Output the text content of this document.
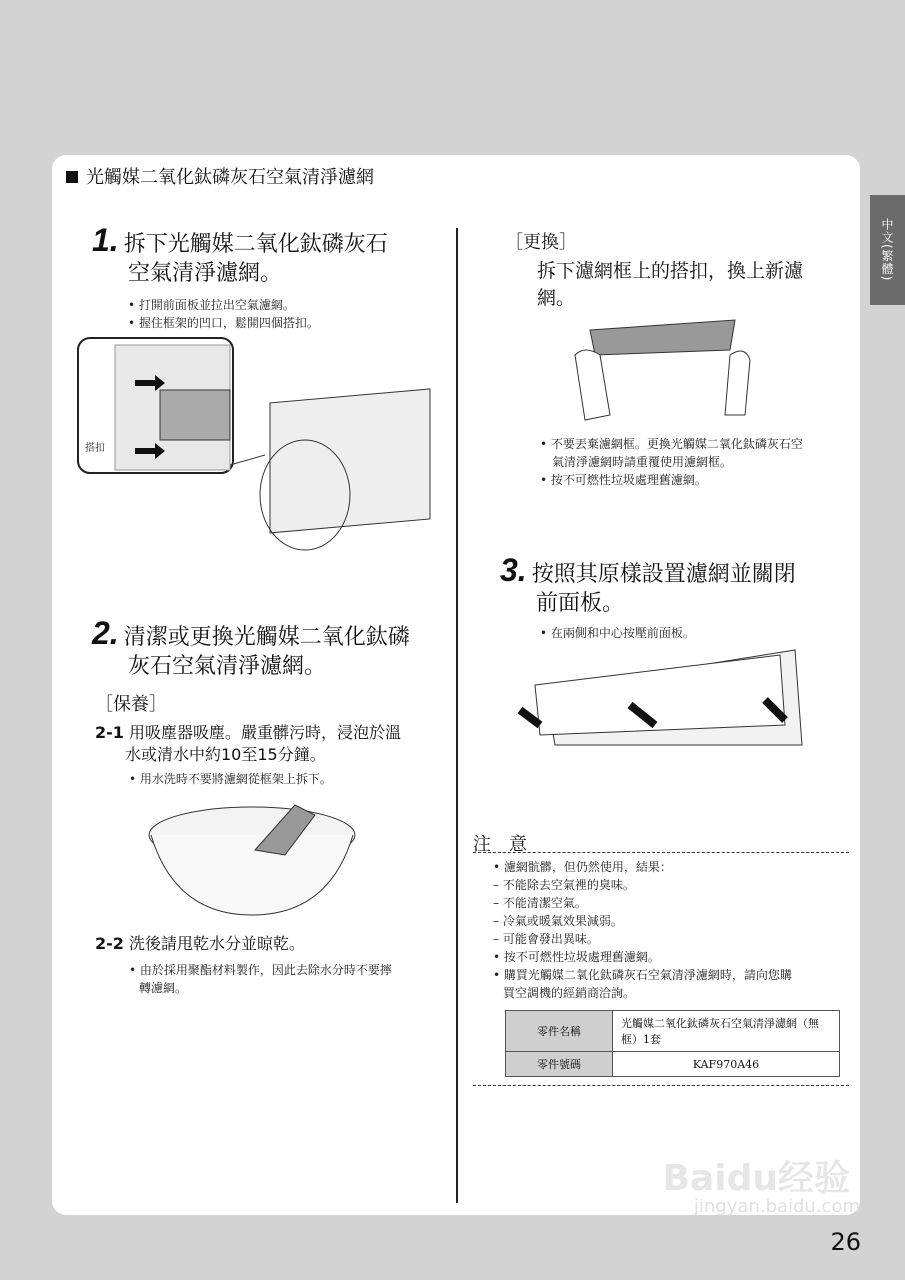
中文(繁體)
光觸媒二氧化鈦磷灰石空氣清淨濾網
1. 拆下光觸媒二氧化鈦磷灰石
空氣清淨濾網。
• 打開前面板並拉出空氣濾網。
• 握住框架的凹口，鬆開四個搭扣。
搭扣
2. 清潔或更換光觸媒二氧化鈦磷
灰石空氣清淨濾網。
［保養］
2-1 用吸塵器吸塵。嚴重髒污時，浸泡於溫
水或清水中約10至15分鐘。
• 用水洗時不要將濾網從框架上拆下。
2-2 洗後請甩乾水分並晾乾。
• 由於採用聚酯材料製作，因此去除水分時不要擰
轉濾網。
［更換］
拆下濾網框上的搭扣，換上新濾
網。
• 不要丟棄濾網框。更換光觸媒二氧化鈦磷灰石空
氣清淨濾網時請重覆使用濾網框。
• 按不可燃性垃圾處理舊濾網。
3. 按照其原樣設置濾網並關閉
前面板。
• 在兩側和中心按壓前面板。
注　意
• 濾網骯髒，但仍然使用，結果：
– 不能除去空氣裡的臭味。
– 不能清潔空氣。
– 冷氣或暖氣效果減弱。
– 可能會發出異味。
• 按不可燃性垃圾處理舊濾網。
• 購買光觸媒二氧化鈦磷灰石空氣清淨濾網時，請向您購
買空調機的經銷商洽詢。
零件名稱	光觸媒二氧化鈦磷灰石空氣清淨濾網（無框）1套
零件號碼	KAF970A46
Baidu经验
jingyan.baidu.com
26
